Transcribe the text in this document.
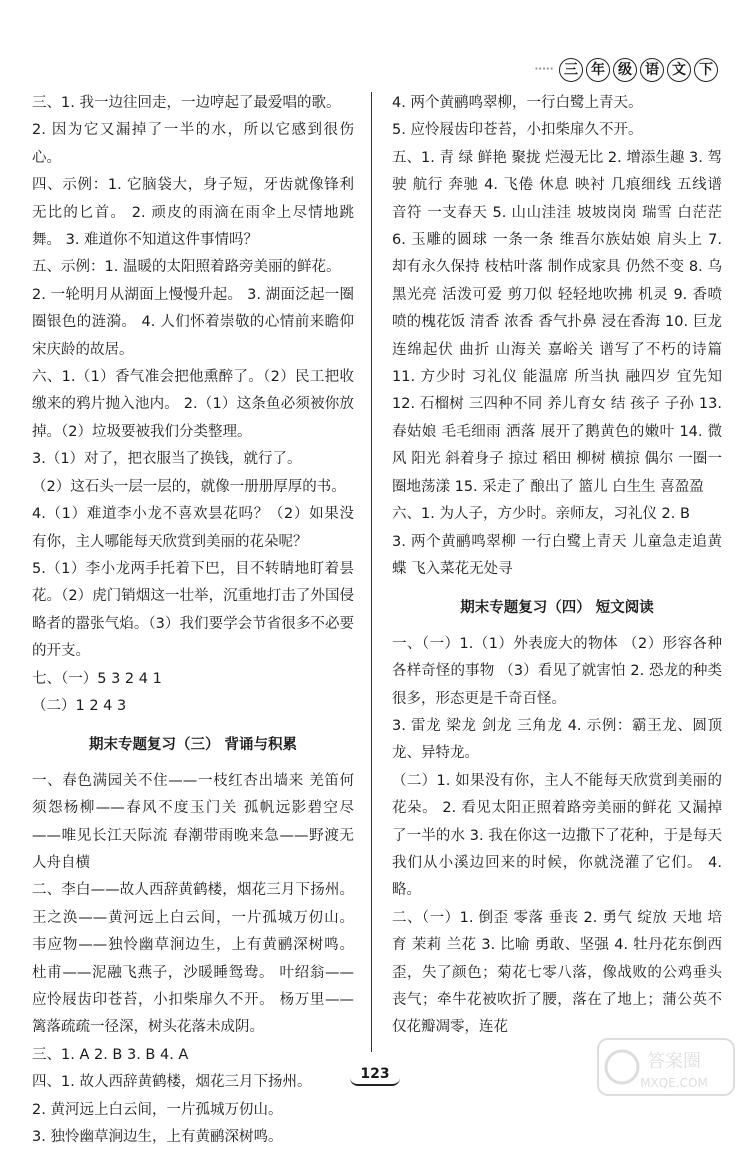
····· 三 年 级 语 文 下

三、1. 我一边往回走，一边哼起了最爱唱的歌。

2. 因为它又漏掉了一半的水，所以它感到很伤心。

四、示例：1. 它脑袋大，身子短，牙齿就像锋利无比的匕首。 2. 顽皮的雨滴在雨伞上尽情地跳舞。 3. 难道你不知道这件事情吗？

五、示例：1. 温暖的太阳照着路旁美丽的鲜花。

2. 一轮明月从湖面上慢慢升起。 3. 湖面泛起一圈圈银色的涟漪。 4. 人们怀着崇敬的心情前来瞻仰宋庆龄的故居。

六、1.（1）香气准会把他熏醉了。（2）民工把收缴来的鸦片抛入池内。 2.（1）这条鱼必须被你放掉。（2）垃圾要被我们分类整理。

3.（1）对了，把衣服当了换钱，就行了。

（2）这石头一层一层的，就像一册册厚厚的书。

4.（1）难道李小龙不喜欢昙花吗？（2）如果没有你，主人哪能每天欣赏到美丽的花朵呢？

5.（1）李小龙两手托着下巴，目不转睛地盯着昙花。（2）虎门销烟这一壮举，沉重地打击了外国侵略者的嚣张气焰。（3）我们要学会节省很多不必要的开支。

七、（一）5 3 2 4 1

（二）1 2 4 3

期末专题复习（三） 背诵与积累

一、春色满园关不住——一枝红杏出墙来 羌笛何须怨杨柳——春风不度玉门关 孤帆远影碧空尽——唯见长江天际流 春潮带雨晚来急——野渡无人舟自横

二、李白——故人西辞黄鹤楼，烟花三月下扬州。王之涣——黄河远上白云间，一片孤城万仞山。 韦应物——独怜幽草涧边生，上有黄鹂深树鸣。 杜甫——泥融飞燕子，沙暖睡鸳鸯。 叶绍翁——应怜屐齿印苍苔，小扣柴扉久不开。 杨万里——篱落疏疏一径深，树头花落未成阴。

三、1. A 2. B 3. B 4. A

四、1. 故人西辞黄鹤楼，烟花三月下扬州。

2. 黄河远上白云间，一片孤城万仞山。

3. 独怜幽草涧边生，上有黄鹂深树鸣。

4. 两个黄鹂鸣翠柳，一行白鹭上青天。

5. 应怜屐齿印苍苔，小扣柴扉久不开。

五、1. 青 绿 鲜艳 聚拢 烂漫无比 2. 增添生趣 3. 驾驶 航行 奔驰 4. 飞倦 休息 映衬 几痕细线 五线谱 音符 一支春天 5. 山山洼洼 坡坡岗岗 瑞雪 白茫茫 6. 玉雕的圆球 一条一条 维吾尔族姑娘 肩头上 7. 却有永久保持 枝枯叶落 制作成家具 仍然不变 8. 乌黑光亮 活泼可爱 剪刀似 轻轻地吹拂 机灵 9. 香喷喷的槐花饭 清香 浓香 香气扑鼻 浸在香海 10. 巨龙 连绵起伏 曲折 山海关 嘉峪关 谱写了不朽的诗篇 11. 方少时 习礼仪 能温席 所当执 融四岁 宜先知 12. 石榴树 三四种不同 养儿育女 结 孩子 子孙 13. 春姑娘 毛毛细雨 洒落 展开了鹅黄色的嫩叶 14. 微风 阳光 斜着身子 掠过 稻田 柳树 横掠 偶尔 一圈一圈地荡漾 15. 采走了 酿出了 篮儿 白生生 喜盈盈

六、1. 为人子，方少时。亲师友，习礼仪 2. B

3. 两个黄鹂鸣翠柳 一行白鹭上青天 儿童急走追黄蝶 飞入菜花无处寻

期末专题复习（四） 短文阅读

一、（一）1.（1）外表庞大的物体 （2）形容各种各样奇怪的事物 （3）看见了就害怕 2. 恐龙的种类很多，形态更是千奇百怪。

3. 雷龙 梁龙 剑龙 三角龙 4. 示例：霸王龙、圆顶龙、异特龙。

（二）1. 如果没有你，主人不能每天欣赏到美丽的花朵。 2. 看见太阳正照着路旁美丽的鲜花 又漏掉了一半的水 3. 我在你这一边撒下了花种，于是每天我们从小溪边回来的时候，你就浇灌了它们。 4. 略。

二、（一）1. 倒歪 零落 垂丧 2. 勇气 绽放 天地 培育 茉莉 兰花 3. 比喻 勇敢、坚强 4. 牡丹花东倒西歪，失了颜色；菊花七零八落，像战败的公鸡垂头丧气；牵牛花被吹折了腰，落在了地上；蒲公英不仅花瓣凋零，连花

123
答案圈
MXQE.COM
